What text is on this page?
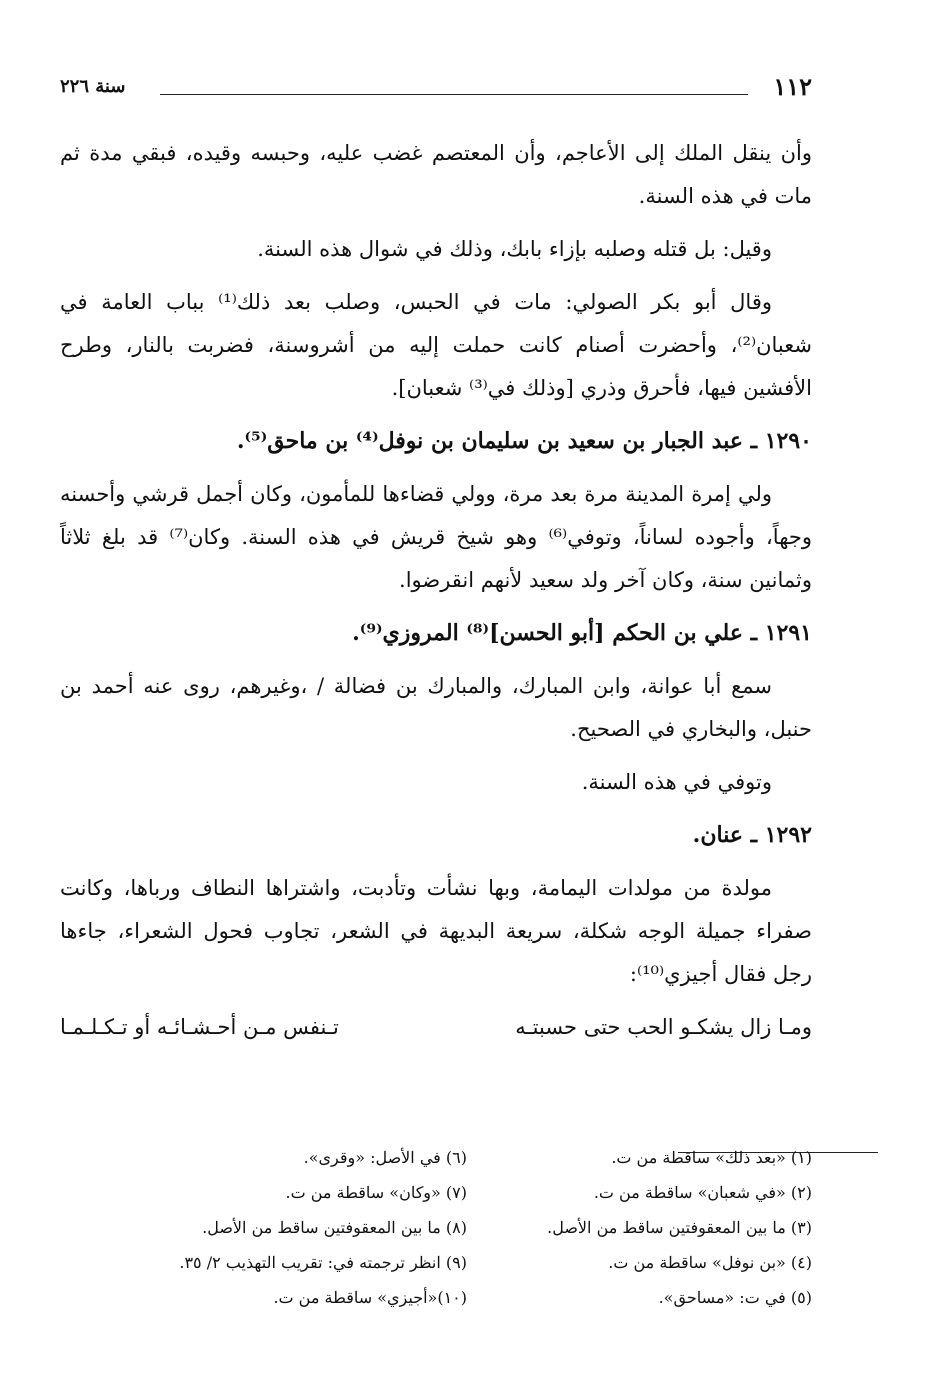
١١٢
سنة ٢٢٦

وأن ينقل الملك إلى الأعاجم، وأن المعتصم غضب عليه، وحبسه وقيده، فبقي مدة ثم مات في هذه السنة.

وقيل: بل قتله وصلبه بإزاء بابك، وذلك في شوال هذه السنة.

وقال أبو بكر الصولي: مات في الحبس، وصلب بعد ذلك⁽¹⁾ بباب العامة في شعبان⁽²⁾، وأحضرت أصنام كانت حملت إليه من أشروسنة، فضربت بالنار، وطرح الأفشين فيها، فأحرق وذري [وذلك في⁽³⁾ شعبان].

١٢٩٠ ـ عبد الجبار بن سعيد بن سليمان بن نوفل⁽⁴⁾ بن ماحق⁽⁵⁾.

ولي إمرة المدينة مرة بعد مرة، وولي قضاءها للمأمون، وكان أجمل قرشي وأحسنه وجهاً، وأجوده لساناً، وتوفي⁽⁶⁾ وهو شيخ قريش في هذه السنة. وكان⁽⁷⁾ قد بلغ ثلاثاً وثمانين سنة، وكان آخر ولد سعيد لأنهم انقرضوا.

١٢٩١ ـ علي بن الحكم [أبو الحسن]⁽⁸⁾ المروزي⁽⁹⁾.

سمع أبا عوانة، وابن المبارك، والمبارك بن فضالة / ،وغيرهم، روى عنه أحمد بن حنبل، والبخاري في الصحيح.

وتوفي في هذه السنة.

١٢٩٢ ـ عنان.

مولدة من مولدات اليمامة، وبها نشأت وتأدبت، واشتراها النطاف ورباها، وكانت صفراء جميلة الوجه شكلة، سريعة البديهة في الشعر، تجاوب فحول الشعراء، جاءها رجل فقال أجيزي⁽¹⁰⁾:

ومـا زال يشكـو الحب حتى حسبتـه
تـنفس مـن أحـشـائـه أو تـكـلـمـا
(١) «بعد ذلك» ساقطة من ت.
(٢) «في شعبان» ساقطة من ت.
(٣) ما بين المعقوفتين ساقط من الأصل.
(٤) «بن نوفل» ساقطة من ت.
(٥) في ت: «مساحق».
(٦) في الأصل: «وقرى».
(٧) «وكان» ساقطة من ت.
(٨) ما بين المعقوفتين ساقط من الأصل.
(٩) انظر ترجمته في: تقريب التهذيب ٢/ ٣٥.
(١٠)«أجيزي» ساقطة من ت.
